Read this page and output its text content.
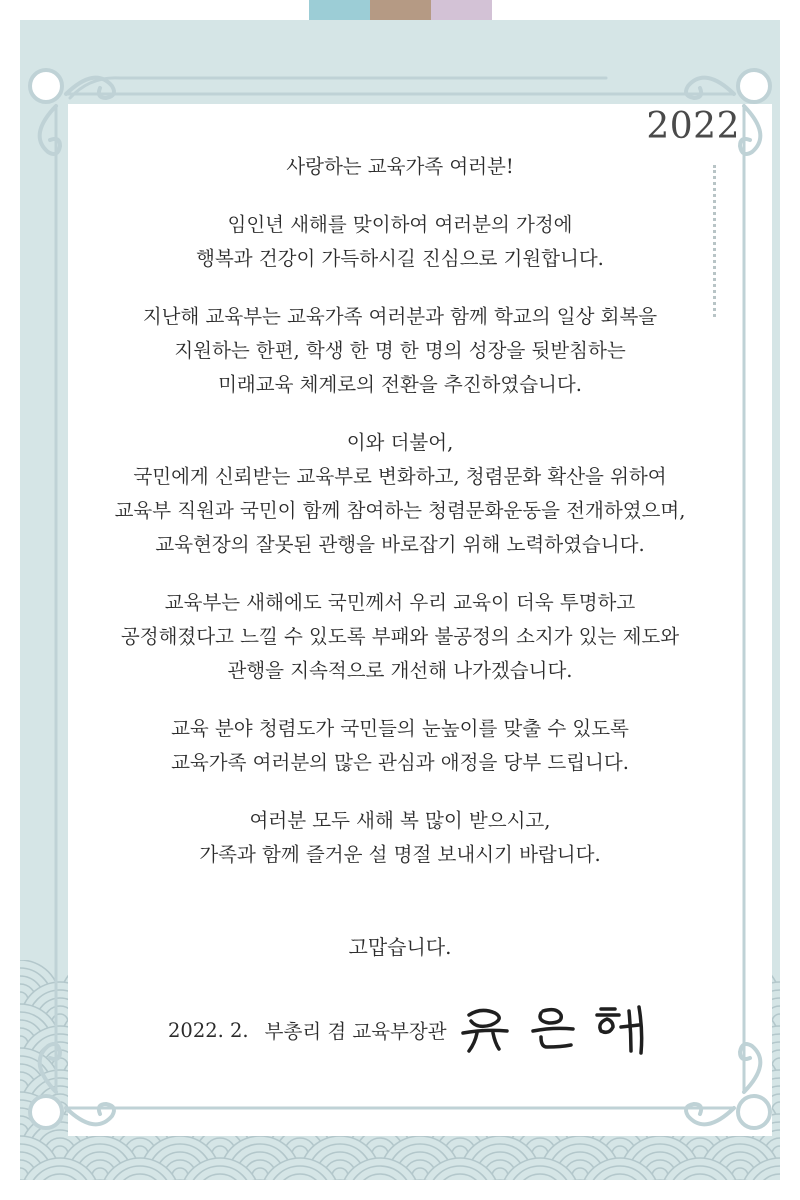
2022
사랑하는 교육가족 여러분!
임인년 새해를 맞이하여 여러분의 가정에
행복과 건강이 가득하시길 진심으로 기원합니다.
지난해 교육부는 교육가족 여러분과 함께 학교의 일상 회복을
지원하는 한편, 학생 한 명 한 명의 성장을 뒷받침하는
미래교육 체계로의 전환을 추진하였습니다.
이와 더불어,
국민에게 신뢰받는 교육부로 변화하고, 청렴문화 확산을 위하여
교육부 직원과 국민이 함께 참여하는 청렴문화운동을 전개하였으며,
교육현장의 잘못된 관행을 바로잡기 위해 노력하였습니다.
교육부는 새해에도 국민께서 우리 교육이 더욱 투명하고
공정해졌다고 느낄 수 있도록 부패와 불공정의 소지가 있는 제도와
관행을 지속적으로 개선해 나가겠습니다.
교육 분야 청렴도가 국민들의 눈높이를 맞출 수 있도록
교육가족 여러분의 많은 관심과 애정을 당부 드립니다.
여러분 모두 새해 복 많이 받으시고,
가족과 함께 즐거운 설 명절 보내시기 바랍니다.
고맙습니다.
2022. 2. 부총리 겸 교육부장관
